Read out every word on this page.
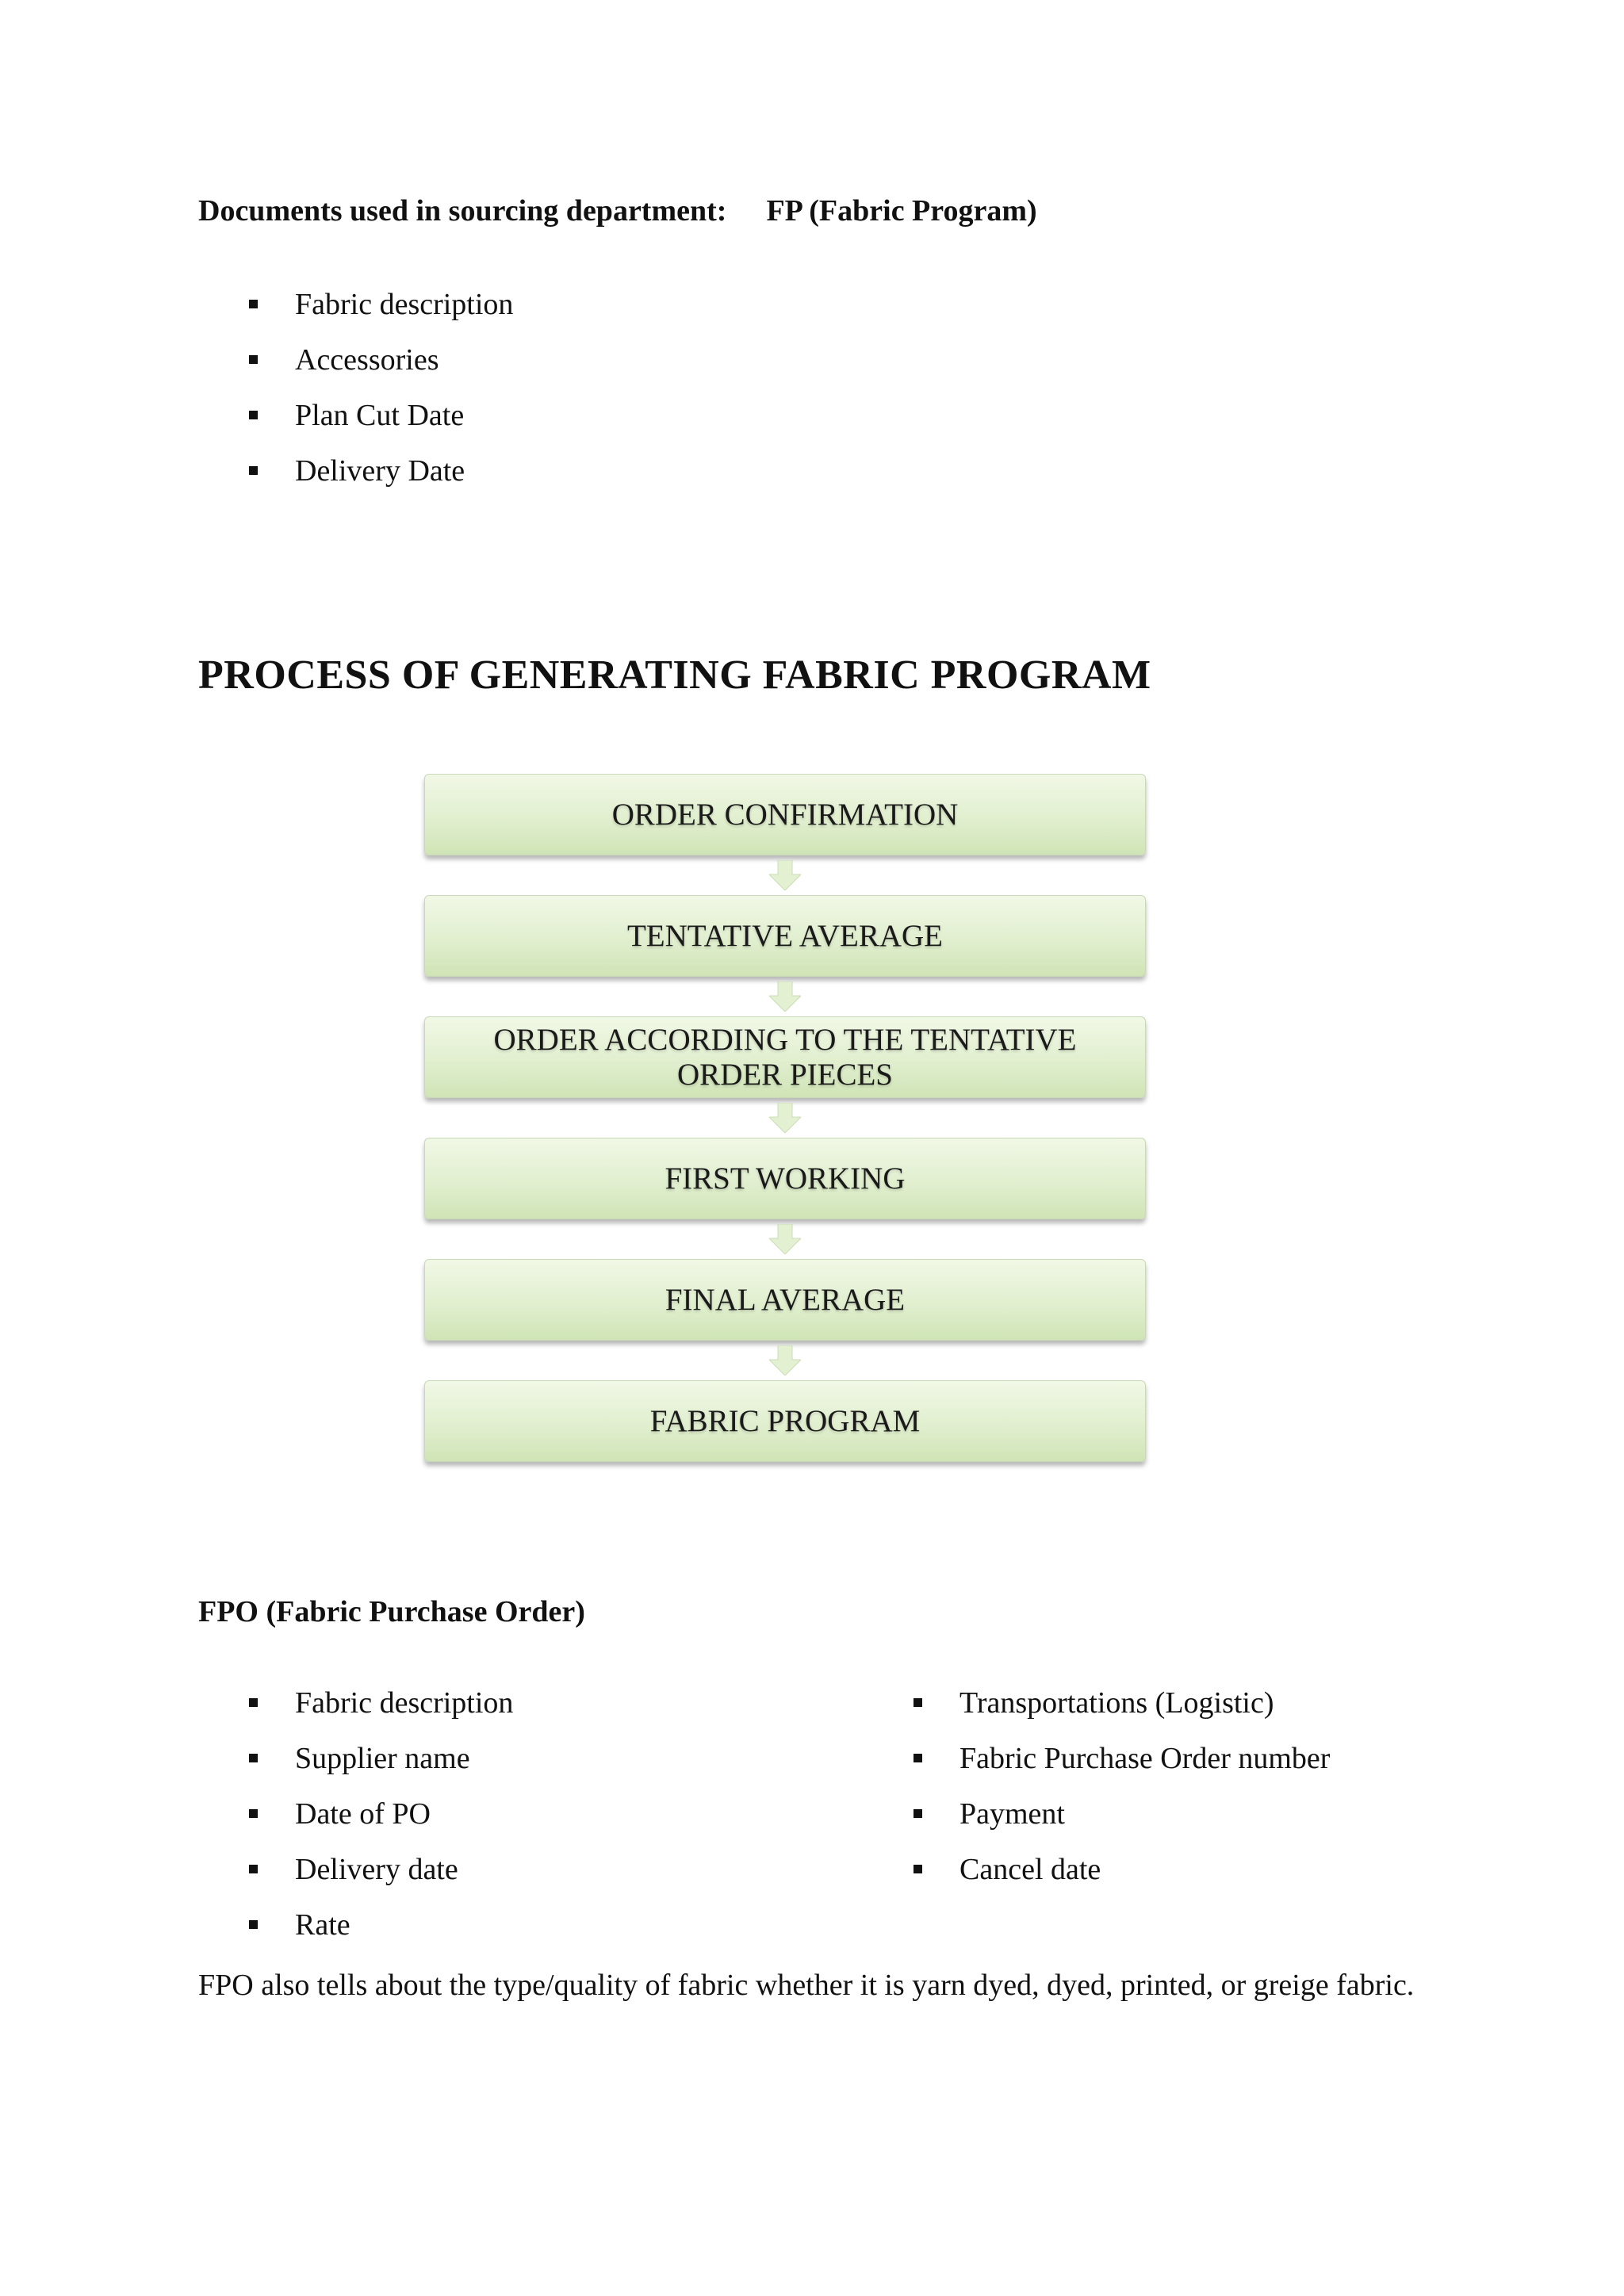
Documents used in sourcing department: FP (Fabric Program)
Fabric description
Accessories
Plan Cut Date
Delivery Date
PROCESS OF GENERATING FABRIC PROGRAM
ORDER CONFIRMATION
TENTATIVE AVERAGE
ORDER ACCORDING TO THE TENTATIVE ORDER PIECES
FIRST WORKING
FINAL AVERAGE
FABRIC PROGRAM
FPO (Fabric Purchase Order)
Fabric description
Supplier name
Date of PO
Delivery date
Rate
Transportations (Logistic)
Fabric Purchase Order number
Payment
Cancel date

FPO also tells about the type/quality of fabric whether it is yarn dyed, dyed, printed, or greige fabric.
